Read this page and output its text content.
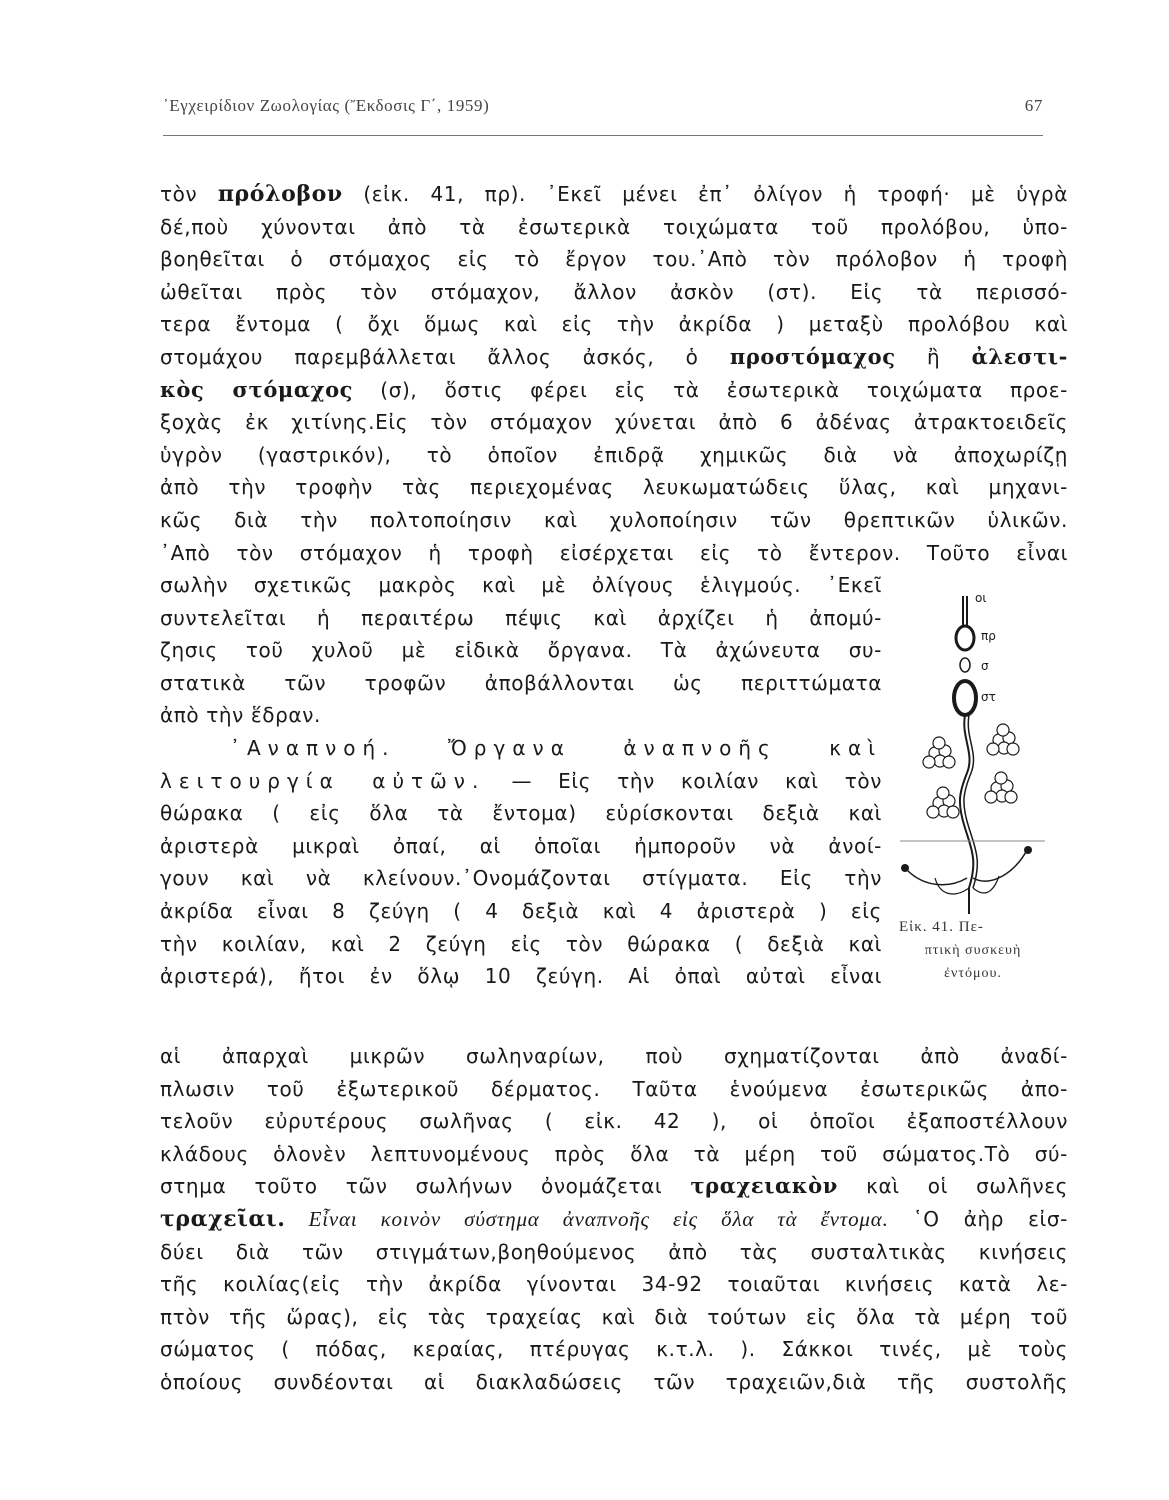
᾿Εγχειρίδιον Ζωολογίας (Ἔκδοσις Γ΄, 1959)	67
τὸν πρόλοβον (εἰκ. 41, πρ). ᾿Εκεῖ μένει ἐπ᾿ ὀλίγον ἡ τροφή· μὲ ὑγρὰ
δέ,ποὺ χύνονται ἀπὸ τὰ ἐσωτερικὰ τοιχώματα τοῦ προλόβου, ὑπο-
βοηθεῖται ὁ στόμαχος εἰς τὸ ἔργον του.᾿Απὸ τὸν πρόλοβον ἡ τροφὴ
ὠθεῖται πρὸς τὸν στόμαχον, ἄλλον ἀσκὸν (στ). Εἰς τὰ περισσό-
τερα ἔντομα ( ὄχι ὅμως καὶ εἰς τὴν ἀκρίδα ) μεταξὺ προλόβου καὶ
στομάχου παρεμβάλλεται ἄλλος ἀσκός, ὁ προστόμαχος ἢ ἀλεστι-
κὸς στόμαχος (σ), ὅστις φέρει εἰς τὰ ἐσωτερικὰ τοιχώματα προε-
ξοχὰς ἐκ χιτίνης.Εἰς τὸν στόμαχον χύνεται ἀπὸ 6 ἀδένας ἀτρακτοειδεῖς
ὑγρὸν (γαστρικόν), τὸ ὁποῖον ἐπιδρᾷ χημικῶς διὰ νὰ ἀποχωρίζῃ
ἀπὸ τὴν τροφὴν τὰς περιεχομένας λευκωματώδεις ὕλας, καὶ μηχανι-
κῶς διὰ τὴν πολτοποίησιν καὶ χυλοποίησιν τῶν θρεπτικῶν ὑλικῶν.
᾿Απὸ τὸν στόμαχον ἡ τροφὴ εἰσέρχεται εἰς τὸ ἔντερον. Τοῦτο εἶναι
σωλὴν σχετικῶς μακρὸς καὶ μὲ ὀλίγους ἑλιγμούς. ᾿Εκεῖ
συντελεῖται ἡ περαιτέρω πέψις καὶ ἀρχίζει ἡ ἀπομύ-
ζησις τοῦ χυλοῦ μὲ εἰδικὰ ὄργανα. Τὰ ἀχώνευτα συ-
στατικὰ τῶν τροφῶν ἀποβάλλονται ὡς περιττώματα
ἀπὸ τὴν ἕδραν.
᾿Αναπνοή.	Ὄργανα ἀναπνοῆς καὶ
λειτουργία αὐτῶν. — Εἰς τὴν κοιλίαν καὶ τὸν
θώρακα ( εἰς ὅλα τὰ ἔντομα) εὑρίσκονται δεξιὰ καὶ
ἀριστερὰ μικραὶ ὀπαί, αἱ ὁποῖαι ἠμποροῦν νὰ ἀνοί-
γουν καὶ νὰ κλείνουν.᾿Ονομάζονται στίγματα. Εἰς τὴν
ἀκρίδα εἶναι 8 ζεύγη ( 4 δεξιὰ καὶ 4 ἀριστερὰ ) εἰς
τὴν κοιλίαν, καὶ 2 ζεύγη εἰς τὸν θώρακα ( δεξιὰ καὶ
ἀριστερά), ἤτοι ἐν ὅλῳ 10 ζεύγη. Αἱ ὀπαὶ αὐταὶ εἶναι
αἱ ἀπαρχαὶ μικρῶν σωληναρίων, ποὺ σχηματίζονται ἀπὸ ἀναδί-
πλωσιν τοῦ ἐξωτερικοῦ δέρματος. Ταῦτα ἑνούμενα ἐσωτερικῶς ἀπο-
τελοῦν εὐρυτέρους σωλῆνας ( εἰκ. 42 ), οἱ ὁποῖοι ἐξαποστέλλουν
κλάδους ὁλονὲν λεπτυνομένους πρὸς ὅλα τὰ μέρη τοῦ σώματος.Τὸ σύ-
στημα τοῦτο τῶν σωλήνων ὀνομάζεται τραχειακὸν καὶ οἱ σωλῆνες
τραχεῖαι. Εἶναι κοινὸν σύστημα ἀναπνοῆς εἰς ὅλα τὰ ἔντομα. ῾Ο ἀὴρ εἰσ-
δύει διὰ τῶν στιγμάτων,βοηθούμενος ἀπὸ τὰς συσταλτικὰς κινήσεις
τῆς κοιλίας(εἰς τὴν ἀκρίδα γίνονται 34-92 τοιαῦται κινήσεις κατὰ λε-
πτὸν τῆς ὥρας), εἰς τὰς τραχείας καὶ διὰ τούτων εἰς ὅλα τὰ μέρη τοῦ
σώματος ( πόδας, κεραίας, πτέρυγας κ.τ.λ. ). Σάκκοι τινές, μὲ τοὺς
ὁποίους συνδέονται αἱ διακλαδώσεις τῶν τραχειῶν,διὰ τῆς συστολῆς
οι
πρ
σ
στ
Εἰκ. 41. Πε-
πτικὴ συσκευὴ
ἐντόμου.
